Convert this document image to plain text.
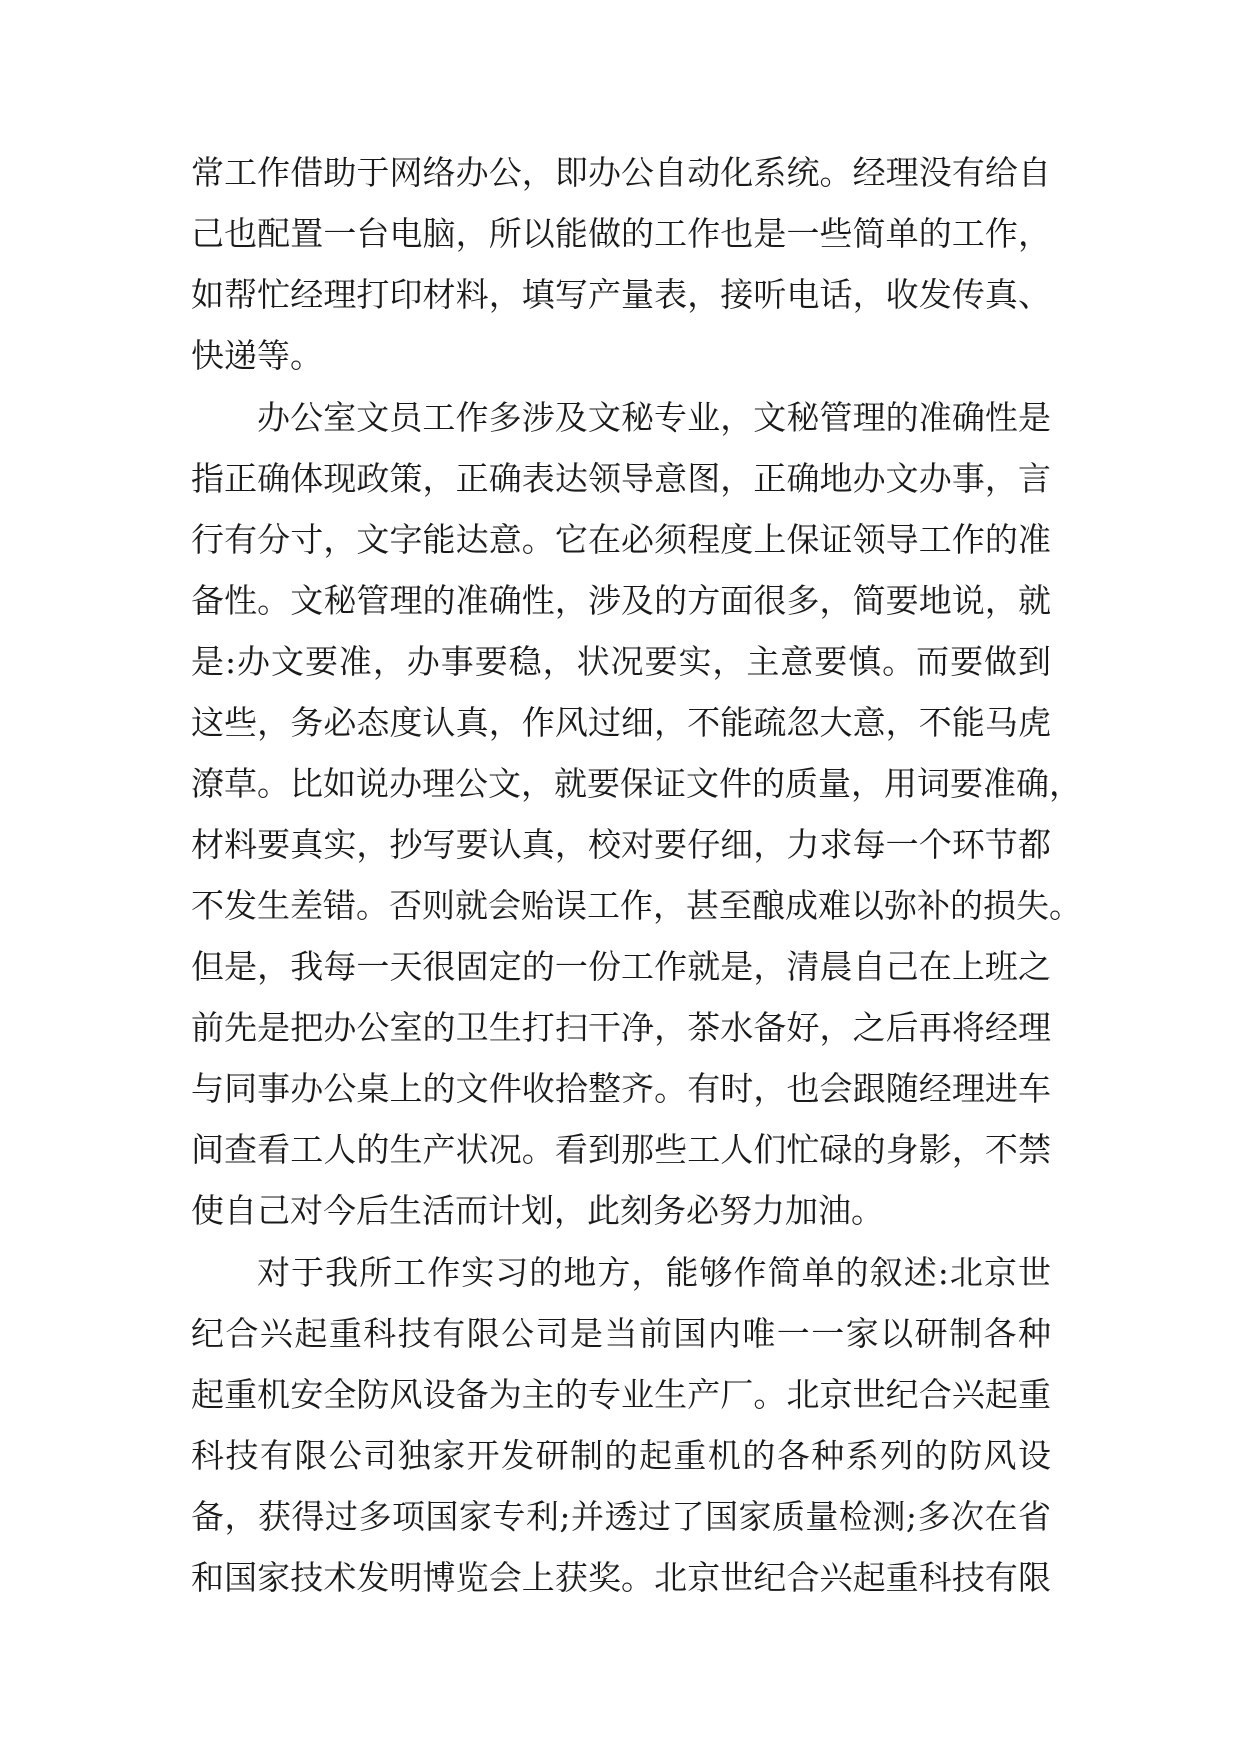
常工作借助于网络办公，即办公自动化系统。经理没有给自
己也配置一台电脑，所以能做的工作也是一些简单的工作，
如帮忙经理打印材料，填写产量表，接听电话，收发传真、
快递等。
办公室文员工作多涉及文秘专业，文秘管理的准确性是
指正确体现政策，正确表达领导意图，正确地办文办事，言
行有分寸，文字能达意。它在必须程度上保证领导工作的准
备性。文秘管理的准确性，涉及的方面很多，简要地说，就
是:办文要准，办事要稳，状况要实，主意要慎。而要做到
这些，务必态度认真，作风过细，不能疏忽大意，不能马虎
潦草。比如说办理公文，就要保证文件的质量，用词要准确，
材料要真实，抄写要认真，校对要仔细，力求每一个环节都
不发生差错。否则就会贻误工作，甚至酿成难以弥补的损失。
但是，我每一天很固定的一份工作就是，清晨自己在上班之
前先是把办公室的卫生打扫干净，茶水备好，之后再将经理
与同事办公桌上的文件收拾整齐。有时，也会跟随经理进车
间查看工人的生产状况。看到那些工人们忙碌的身影，不禁
使自己对今后生活而计划，此刻务必努力加油。
对于我所工作实习的地方，能够作简单的叙述:北京世
纪合兴起重科技有限公司是当前国内唯一一家以研制各种
起重机安全防风设备为主的专业生产厂。北京世纪合兴起重
科技有限公司独家开发研制的起重机的各种系列的防风设
备，获得过多项国家专利;并透过了国家质量检测;多次在省
和国家技术发明博览会上获奖。北京世纪合兴起重科技有限
